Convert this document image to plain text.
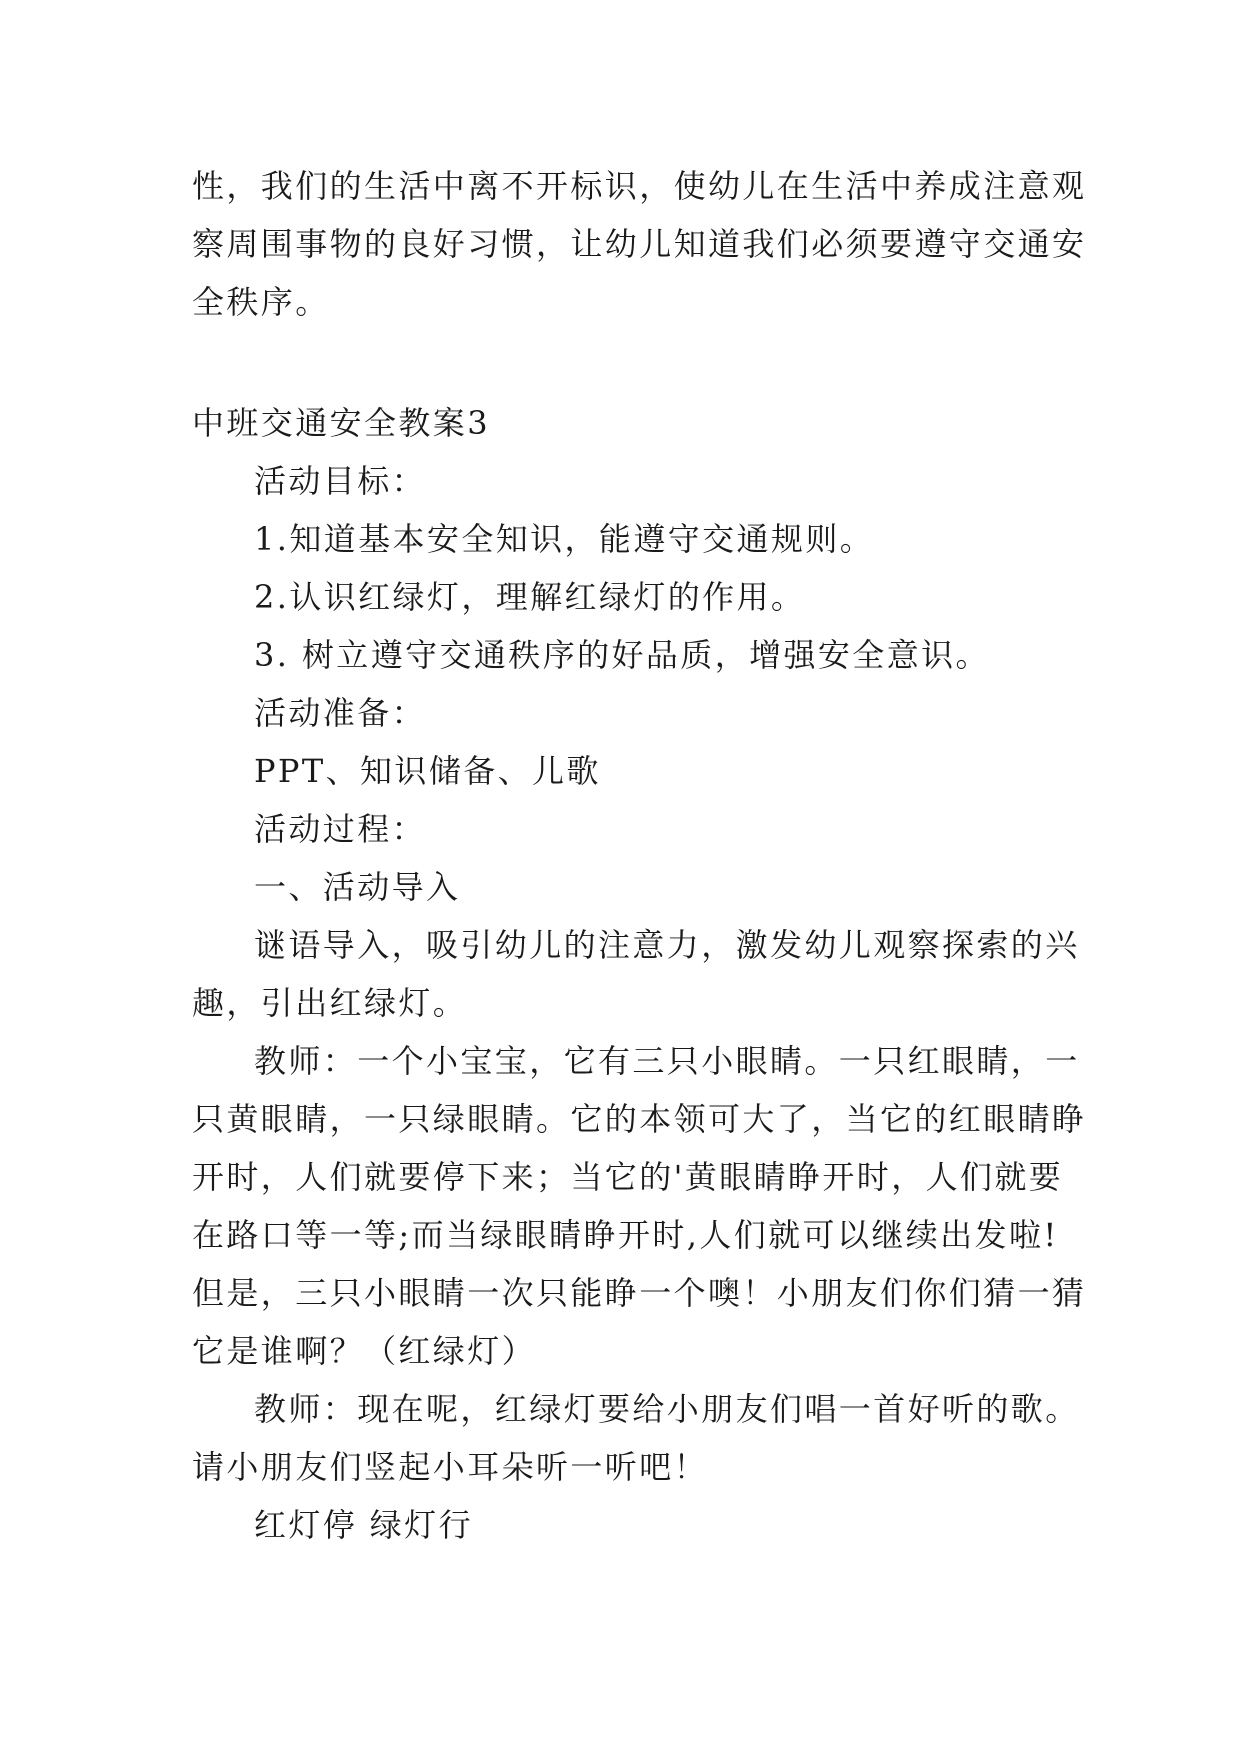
性，我们的生活中离不开标识，使幼儿在生活中养成注意观
察周围事物的良好习惯，让幼儿知道我们必须要遵守交通安
全秩序。
中班交通安全教案3
活动目标：
1.知道基本安全知识，能遵守交通规则。
2.认识红绿灯，理解红绿灯的作用。
3. 树立遵守交通秩序的好品质，增强安全意识。
活动准备：
PPT、知识储备、儿歌
活动过程：
一、活动导入
谜语导入，吸引幼儿的注意力，激发幼儿观察探索的兴
趣，引出红绿灯。
教师：一个小宝宝，它有三只小眼睛。一只红眼睛，一
只黄眼睛，一只绿眼睛。它的本领可大了，当它的红眼睛睁
开时，人们就要停下来；当它的'黄眼睛睁开时，人们就要
在路口等一等;而当绿眼睛睁开时,人们就可以继续出发啦!
但是，三只小眼睛一次只能睁一个噢！小朋友们你们猜一猜
它是谁啊？（红绿灯）
教师：现在呢，红绿灯要给小朋友们唱一首好听的歌。
请小朋友们竖起小耳朵听一听吧！
红灯停 绿灯行
